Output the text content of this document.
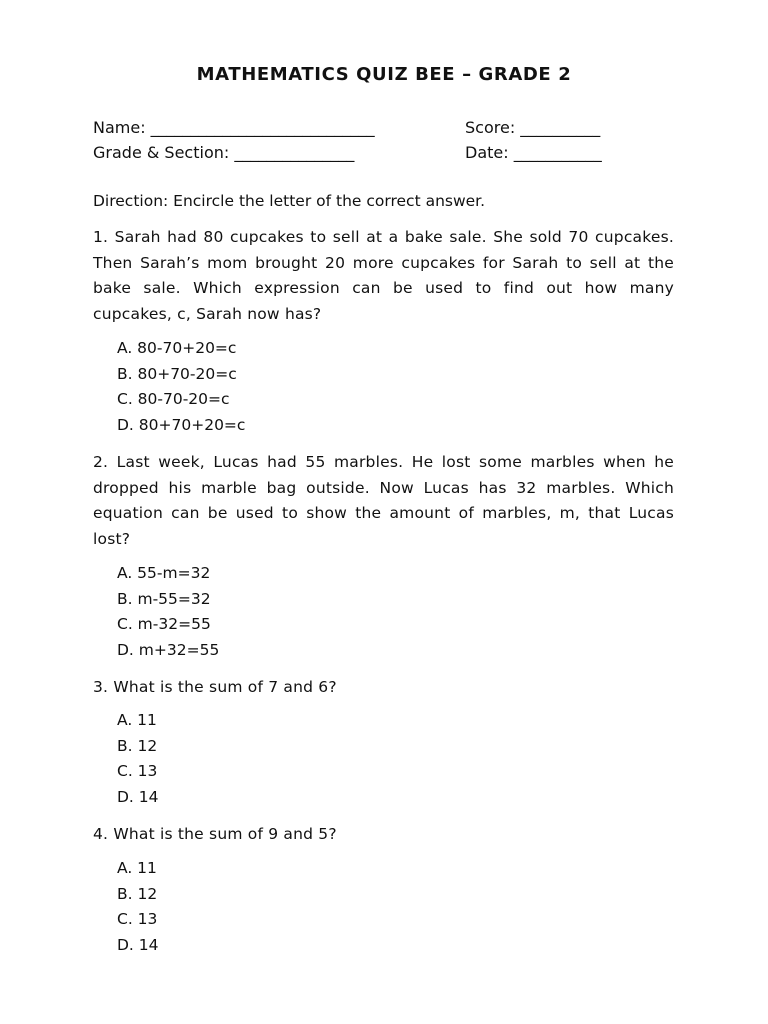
MATHEMATICS QUIZ BEE – GRADE 2
Name: ____________________________	Score: __________
Grade & Section: _______________	Date: ___________
Direction: Encircle the letter of the correct answer.
1. Sarah had 80 cupcakes to sell at a bake sale. She sold 70 cupcakes. Then Sarah’s mom brought 20 more cupcakes for Sarah to sell at the bake sale. Which expression can be used to find out how many cupcakes, c, Sarah now has?
A. 80-70+20=c
B. 80+70-20=c
C. 80-70-20=c
D. 80+70+20=c
2. Last week, Lucas had 55 marbles. He lost some marbles when he dropped his marble bag outside. Now Lucas has 32 marbles. Which equation can be used to show the amount of marbles, m, that Lucas lost?
A. 55-m=32
B. m-55=32
C. m-32=55
D. m+32=55
3. What is the sum of 7 and 6?
A. 11
B. 12
C. 13
D. 14
4. What is the sum of 9 and 5?
A. 11
B. 12
C. 13
D. 14
